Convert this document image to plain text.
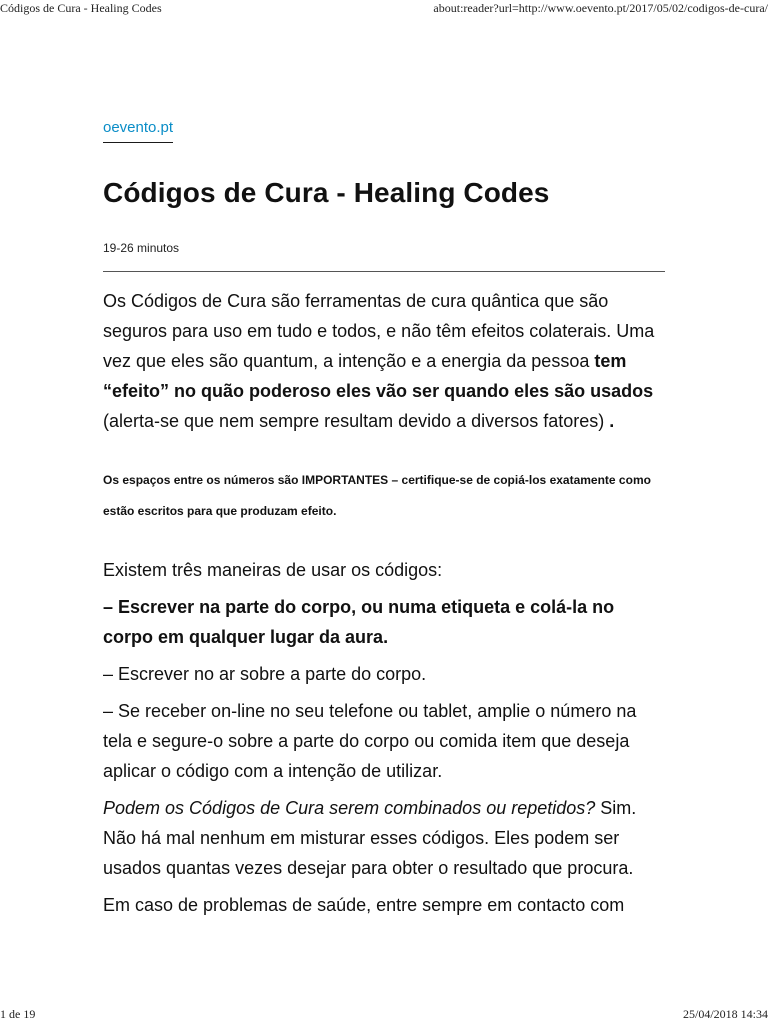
Códigos de Cura - Healing Codes	about:reader?url=http://www.oevento.pt/2017/05/02/codigos-de-cura/
oevento.pt
Códigos de Cura - Healing Codes
19-26 minutos

Os Códigos de Cura são ferramentas de cura quântica que são seguros para uso em tudo e todos, e não têm efeitos colaterais. Uma vez que eles são quantum, a intenção e a energia da pessoa tem “efeito” no quão poderoso eles vão ser quando eles são usados (alerta-se que nem sempre resultam devido a diversos fatores) .

Os espaços entre os números são IMPORTANTES – certifique-se de copiá-los exatamente como estão escritos para que produzam efeito.

Existem três maneiras de usar os códigos:

– Escrever na parte do corpo, ou numa etiqueta e colá-la no corpo em qualquer lugar da aura.

– Escrever no ar sobre a parte do corpo.

– Se receber on-line no seu telefone ou tablet, amplie o número na tela e segure-o sobre a parte do corpo ou comida item que deseja aplicar o código com a intenção de utilizar.

Podem os Códigos de Cura serem combinados ou repetidos? Sim. Não há mal nenhum em misturar esses códigos. Eles podem ser usados quantas vezes desejar para obter o resultado que procura.

Em caso de problemas de saúde, entre sempre em contacto com

1 de 19	25/04/2018 14:34
